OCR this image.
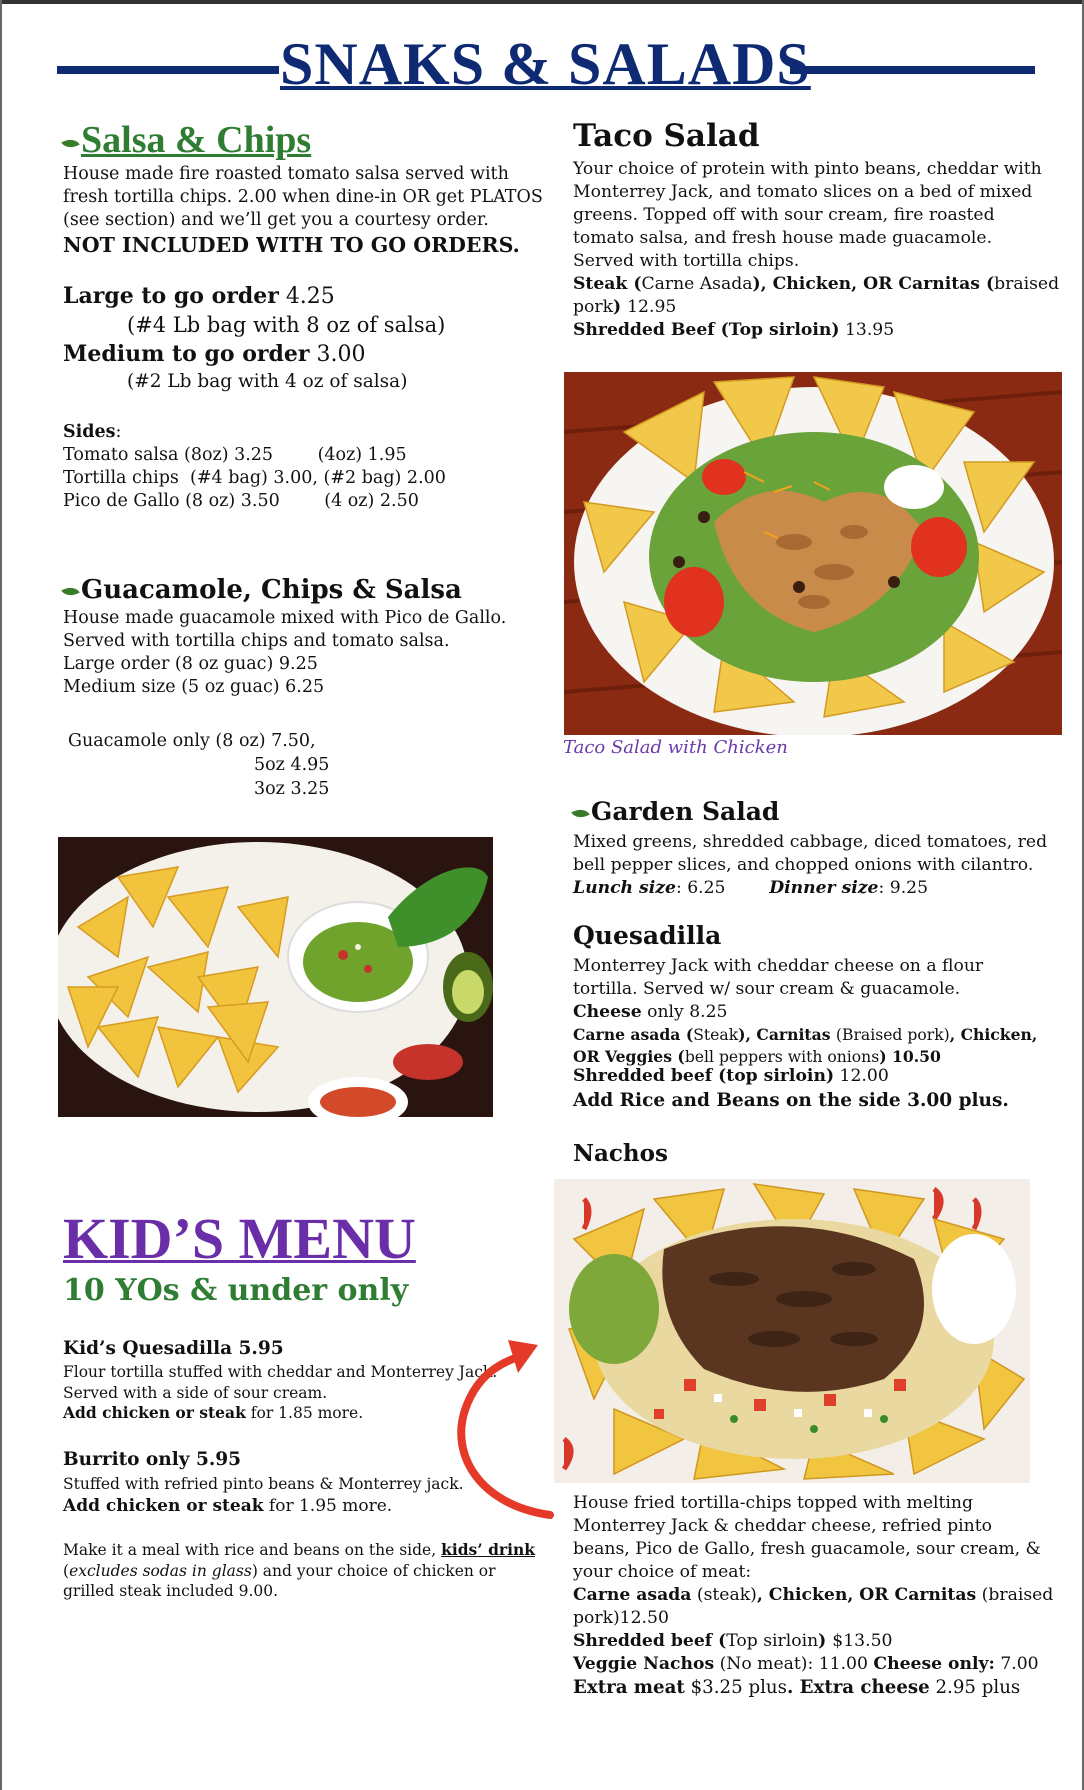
SNAKS & SALADS
Salsa & Chips
House made fire roasted tomato salsa served with
fresh tortilla chips. 2.00 when dine-in OR get PLATOS
(see section) and we’ll get you a courtesy order.
NOT INCLUDED WITH TO GO ORDERS.
Large to go order 4.25
(#4 Lb bag with 8 oz of salsa)
Medium to go order 3.00
(#2 Lb bag with 4 oz of salsa)
Sides:
Tomato salsa (8oz) 3.25        (4oz) 1.95
Tortilla chips  (#4 bag) 3.00, (#2 bag) 2.00
Pico de Gallo (8 oz) 3.50        (4 oz) 2.50
Guacamole, Chips & Salsa
House made guacamole mixed with Pico de Gallo.
Served with tortilla chips and tomato salsa.
Large order (8 oz guac) 9.25
Medium size (5 oz guac) 6.25
Guacamole only (8 oz) 7.50,
5oz 4.95
3oz 3.25
KID’S MENU
10 YOs & under only
Kid’s Quesadilla 5.95
Flour tortilla stuffed with cheddar and Monterrey Jack.
Served with a side of sour cream.
Add chicken or steak for 1.85 more.
Burrito only 5.95
Stuffed with refried pinto beans & Monterrey jack.
Add chicken or steak for 1.95 more.
Make it a meal with rice and beans on the side, kids’ drink
(excludes sodas in glass) and your choice of chicken or
grilled steak included 9.00.
Taco Salad
Your choice of protein with pinto beans, cheddar with
Monterrey Jack, and tomato slices on a bed of mixed
greens. Topped off with sour cream, fire roasted
tomato salsa, and fresh house made guacamole.
Served with tortilla chips.
Steak (Carne Asada), Chicken, OR Carnitas (braised
pork) 12.95
Shredded Beef (Top sirloin) 13.95
Taco Salad with Chicken
Garden Salad
Mixed greens, shredded cabbage, diced tomatoes, red
bell pepper slices, and chopped onions with cilantro.
Lunch size: 6.25	Dinner size: 9.25
Quesadilla
Monterrey Jack with cheddar cheese on a flour
tortilla. Served w/ sour cream & guacamole.
Cheese only 8.25
Carne asada (Steak), Carnitas (Braised pork), Chicken,
OR Veggies (bell peppers with onions) 10.50
Shredded beef (top sirloin) 12.00
Add Rice and Beans on the side 3.00 plus.
Nachos
House fried tortilla-chips topped with melting
Monterrey Jack & cheddar cheese, refried pinto
beans, Pico de Gallo, fresh guacamole, sour cream, &
your choice of meat:
Carne asada (steak), Chicken, OR Carnitas (braised
pork)12.50
Shredded beef (Top sirloin) $13.50
Veggie Nachos (No meat): 11.00 Cheese only: 7.00
Extra meat $3.25 plus. Extra cheese 2.95 plus
